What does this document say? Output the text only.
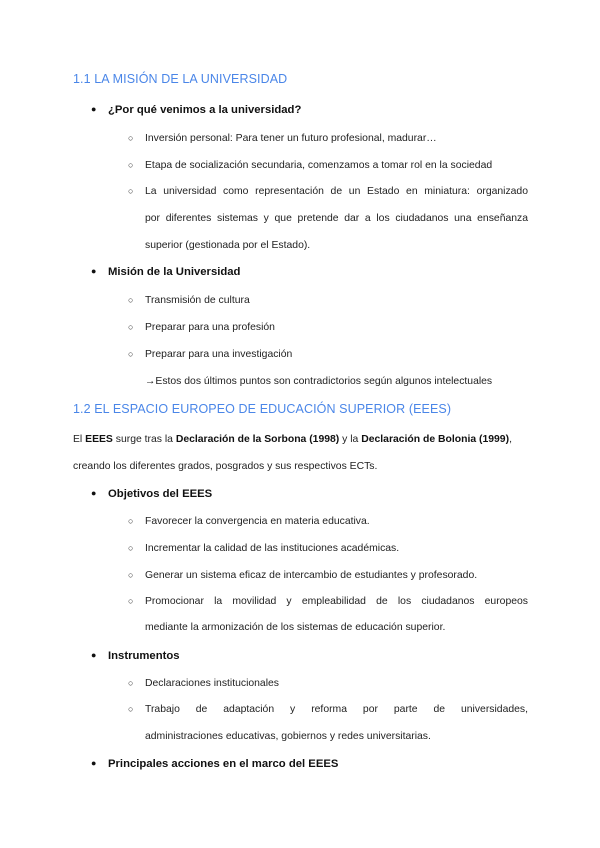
1.1 LA MISIÓN DE LA UNIVERSIDAD
● ¿Por qué venimos a la universidad?
○ Inversión personal: Para tener un futuro profesional, madurar…
○ Etapa de socialización secundaria, comenzamos a tomar rol en la sociedad
○ La universidad como representación de un Estado en miniatura: organizado
por diferentes sistemas y que pretende dar a los ciudadanos una enseñanza
superior (gestionada por el Estado).
● Misión de la Universidad
○ Transmisión de cultura
○ Preparar para una profesión
○ Preparar para una investigación
→Estos dos últimos puntos son contradictorios según algunos intelectuales
1.2 EL ESPACIO EUROPEO DE EDUCACIÓN SUPERIOR (EEES)
El EEES surge tras la Declaración de la Sorbona (1998) y la Declaración de Bolonia (1999),
creando los diferentes grados, posgrados y sus respectivos ECTs.
● Objetivos del EEES
○ Favorecer la convergencia en materia educativa.
○ Incrementar la calidad de las instituciones académicas.
○ Generar un sistema eficaz de intercambio de estudiantes y profesorado.
○ Promocionar la movilidad y empleabilidad de los ciudadanos europeos
mediante la armonización de los sistemas de educación superior.
● Instrumentos
○ Declaraciones institucionales
○ Trabajo de adaptación y reforma por parte de universidades,
administraciones educativas, gobiernos y redes universitarias.
● Principales acciones en el marco del EEES
